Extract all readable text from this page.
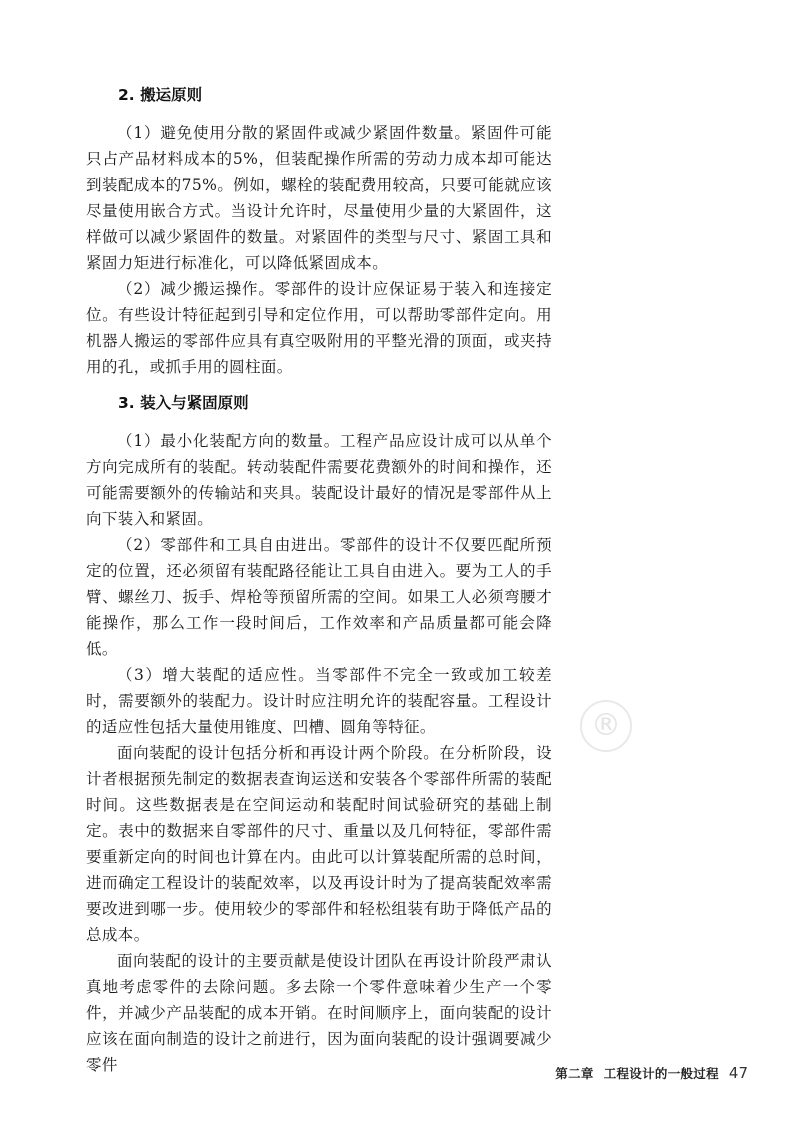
2. 搬运原则

（1）避免使用分散的紧固件或减少紧固件数量。紧固件可能只占产品材料成本的5%，但装配操作所需的劳动力成本却可能达到装配成本的75%。例如，螺栓的装配费用较高，只要可能就应该尽量使用嵌合方式。当设计允许时，尽量使用少量的大紧固件，这样做可以减少紧固件的数量。对紧固件的类型与尺寸、紧固工具和紧固力矩进行标准化，可以降低紧固成本。

（2）减少搬运操作。零部件的设计应保证易于装入和连接定位。有些设计特征起到引导和定位作用，可以帮助零部件定向。用机器人搬运的零部件应具有真空吸附用的平整光滑的顶面，或夹持用的孔，或抓手用的圆柱面。

3. 装入与紧固原则

（1）最小化装配方向的数量。工程产品应设计成可以从单个方向完成所有的装配。转动装配件需要花费额外的时间和操作，还可能需要额外的传输站和夹具。装配设计最好的情况是零部件从上向下装入和紧固。

（2）零部件和工具自由进出。零部件的设计不仅要匹配所预定的位置，还必须留有装配路径能让工具自由进入。要为工人的手臂、螺丝刀、扳手、焊枪等预留所需的空间。如果工人必须弯腰才能操作，那么工作一段时间后，工作效率和产品质量都可能会降低。

（3）增大装配的适应性。当零部件不完全一致或加工较差时，需要额外的装配力。设计时应注明允许的装配容量。工程设计的适应性包括大量使用锥度、凹槽、圆角等特征。

面向装配的设计包括分析和再设计两个阶段。在分析阶段，设计者根据预先制定的数据表查询运送和安装各个零部件所需的装配时间。这些数据表是在空间运动和装配时间试验研究的基础上制定。表中的数据来自零部件的尺寸、重量以及几何特征，零部件需要重新定向的时间也计算在内。由此可以计算装配所需的总时间，进而确定工程设计的装配效率，以及再设计时为了提高装配效率需要改进到哪一步。使用较少的零部件和轻松组装有助于降低产品的总成本。

面向装配的设计的主要贡献是使设计团队在再设计阶段严肃认真地考虑零件的去除问题。多去除一个零件意味着少生产一个零件，并减少产品装配的成本开销。在时间顺序上，面向装配的设计应该在面向制造的设计之前进行，因为面向装配的设计强调要减少零件

®
第二章 工程设计的一般过程 47
